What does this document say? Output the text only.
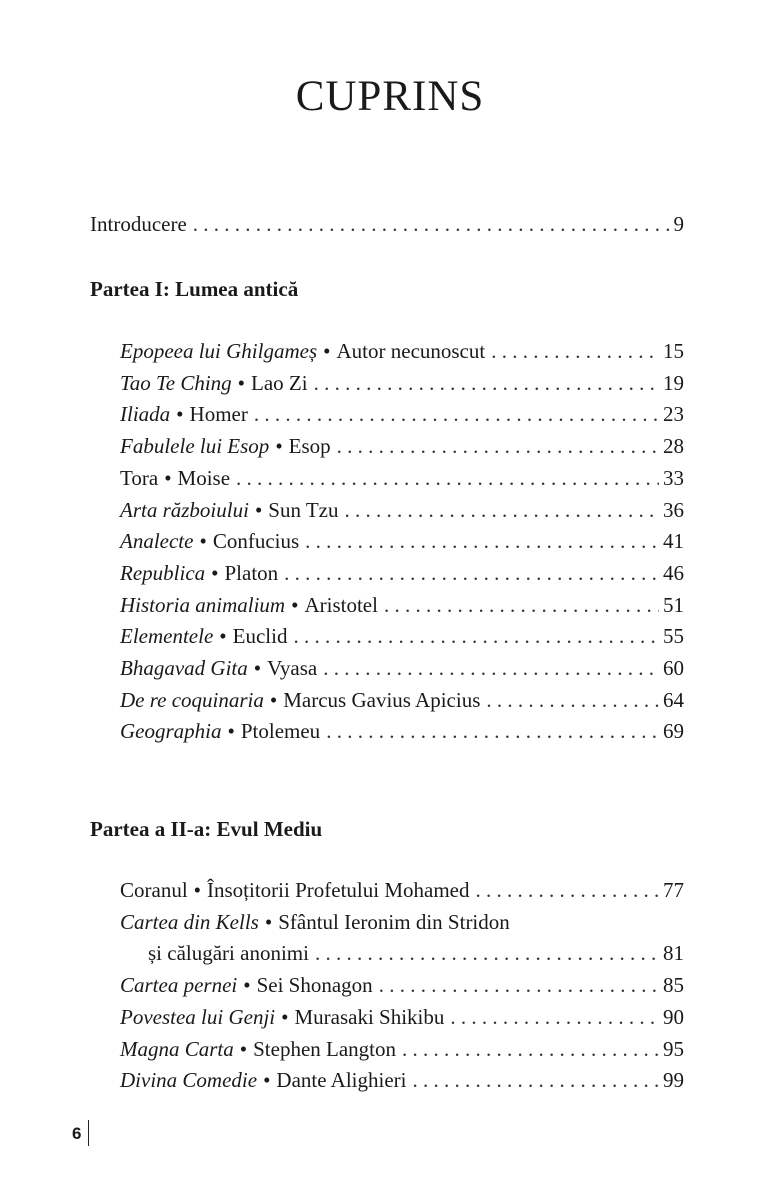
CUPRINS
Introducere . . .	9
Partea I: Lumea antică
Epopeea lui Ghilgameș • Autor necunoscut . . .	15
Tao Te Ching • Lao Zi . . .	19
Iliada • Homer . . .	23
Fabulele lui Esop • Esop . . .	28
Tora • Moise . . .	33
Arta războiului • Sun Tzu . . .	36
Analecte • Confucius . . .	41
Republica • Platon . . .	46
Historia animalium • Aristotel . . .	51
Elementele • Euclid . . .	55
Bhagavad Gita • Vyasa . . .	60
De re coquinaria • Marcus Gavius Apicius . . .	64
Geographia • Ptolemeu . . .	69
Partea a II-a: Evul Mediu
Coranul • Însoțitorii Profetului Mohamed . . .	77
Cartea din Kells • Sfântul Ieronim din Stridon
și călugări anonimi . . .	81
Cartea pernei • Sei Shonagon . . .	85
Povestea lui Genji • Murasaki Shikibu . . .	90
Magna Carta • Stephen Langton . . .	95
Divina Comedie • Dante Alighieri . . .	99
6
